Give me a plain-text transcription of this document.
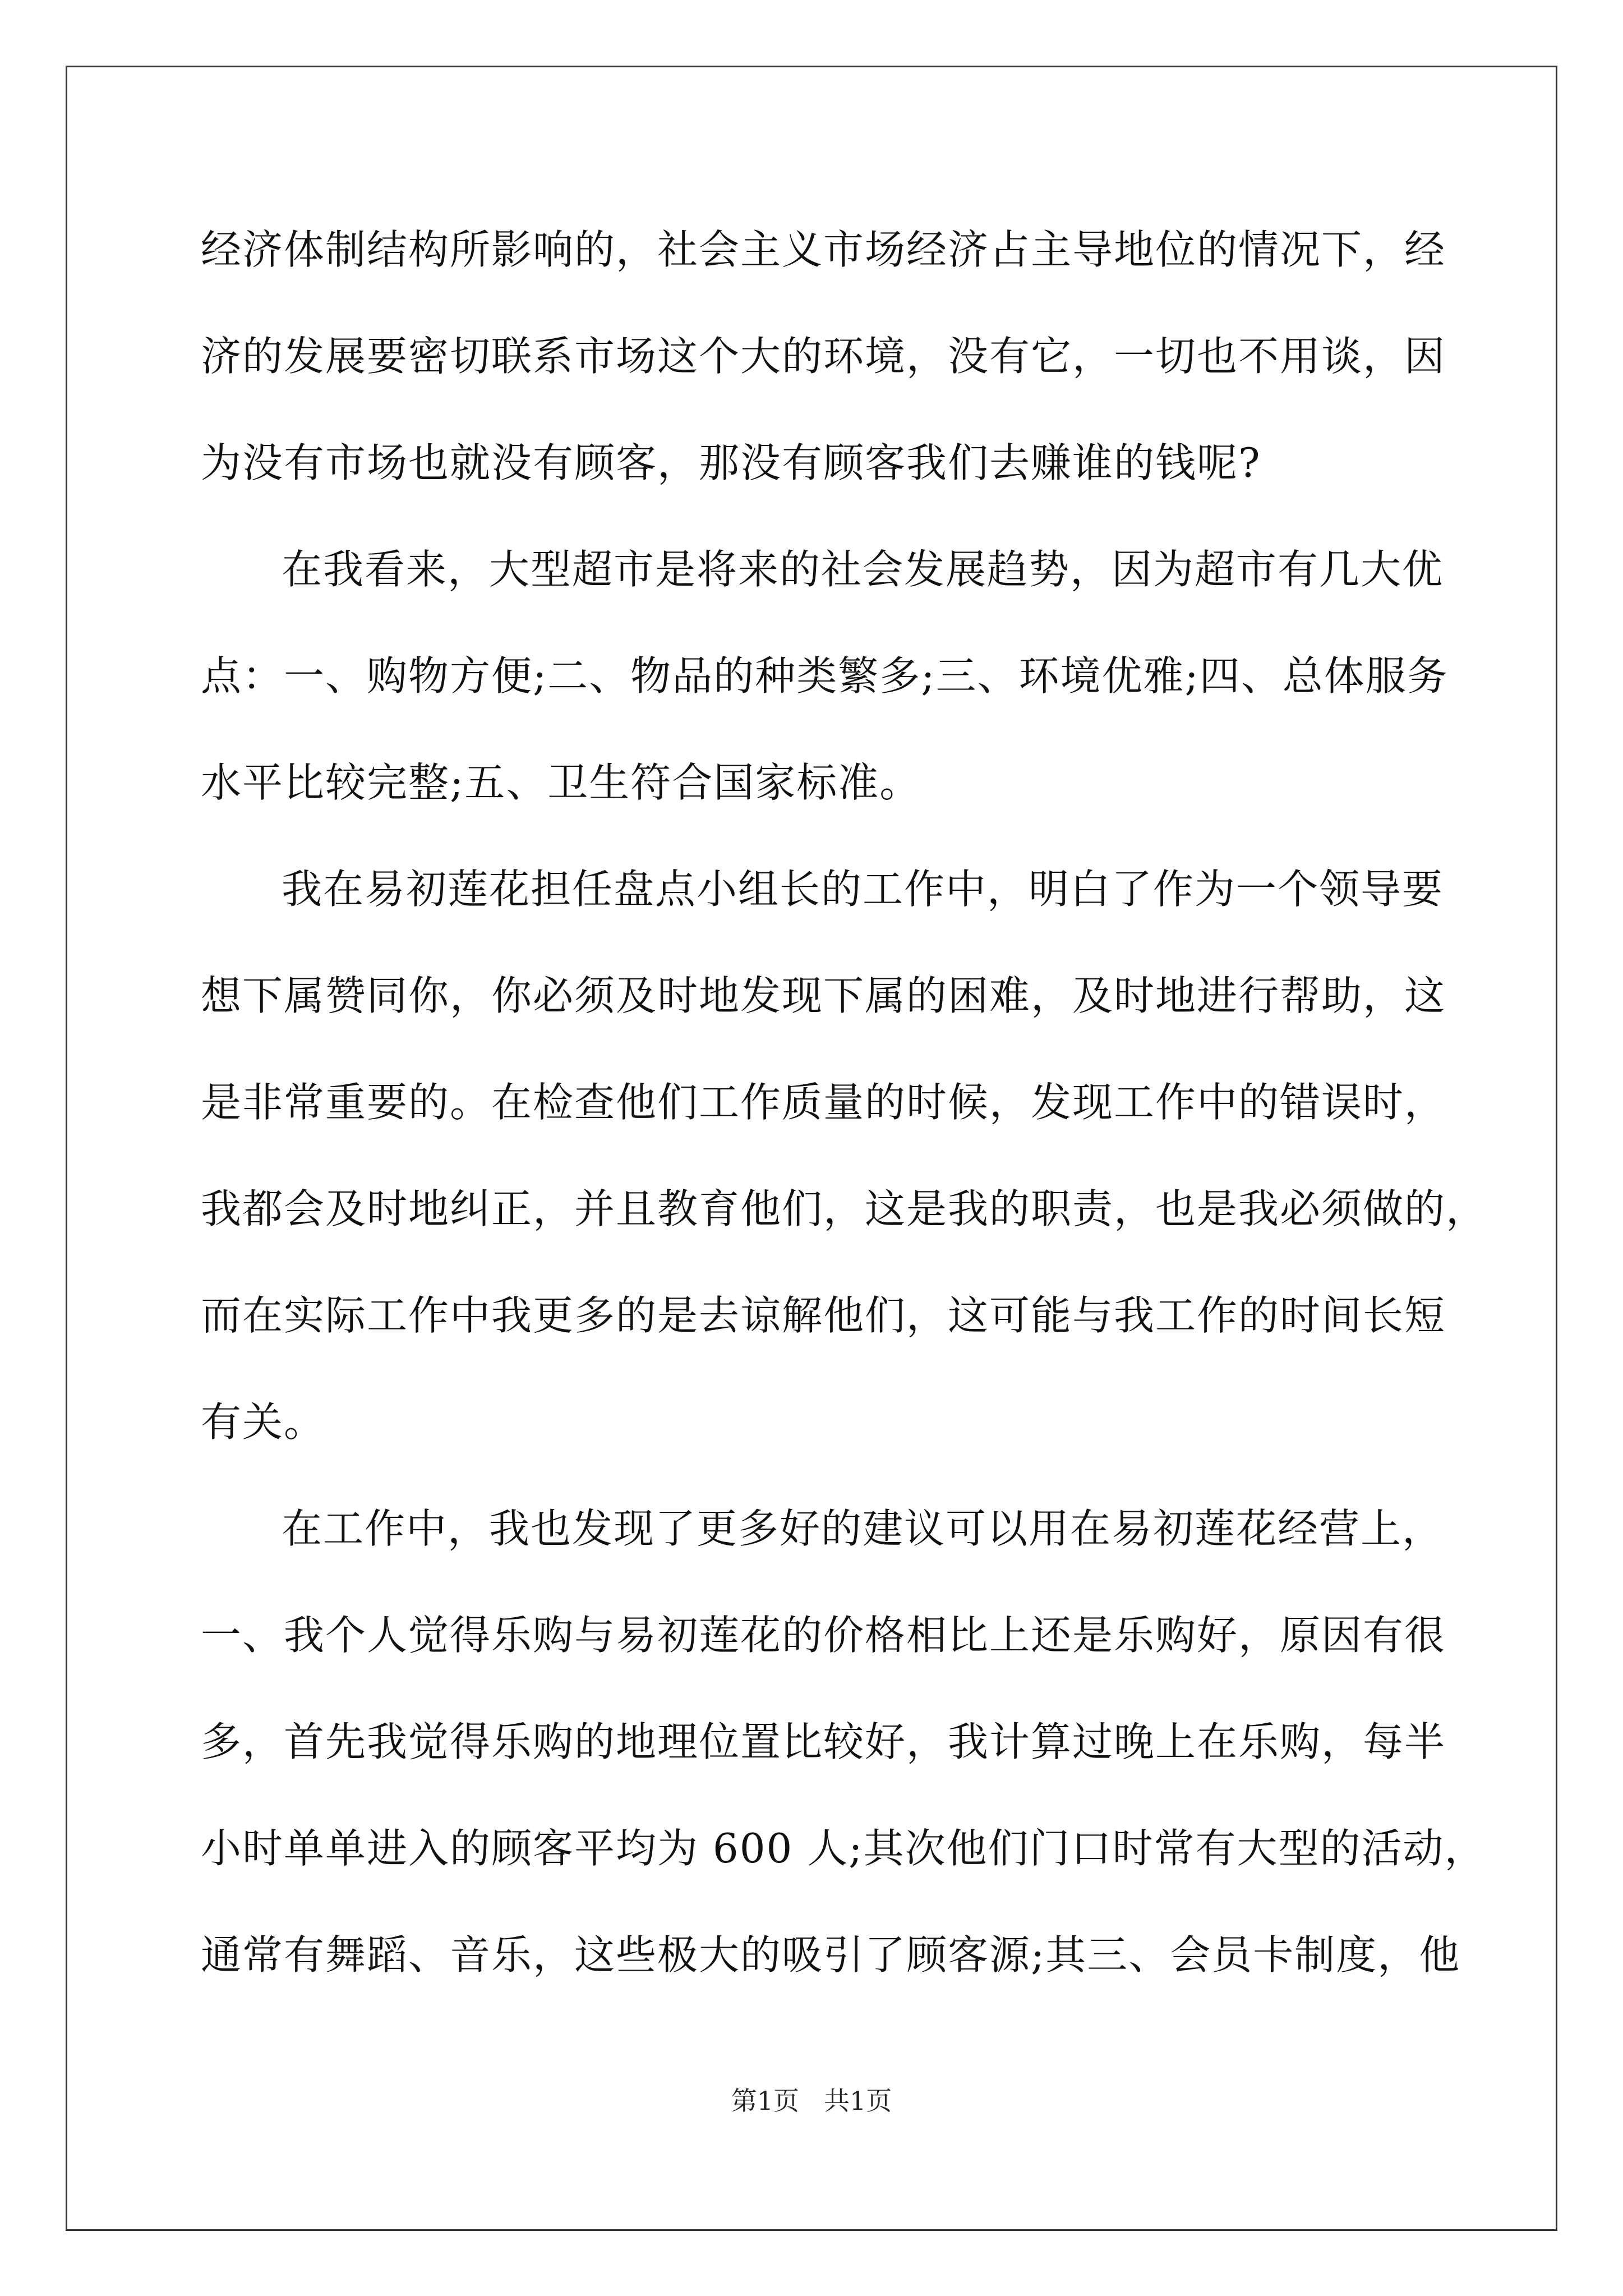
经济体制结构所影响的，社会主义市场经济占主导地位的情况下，经
济的发展要密切联系市场这个大的环境，没有它，一切也不用谈，因
为没有市场也就没有顾客，那没有顾客我们去赚谁的钱呢?
在我看来，大型超市是将来的社会发展趋势，因为超市有几大优
点：一、购物方便;二、物品的种类繁多;三、环境优雅;四、总体服务
水平比较完整;五、卫生符合国家标准。
我在易初莲花担任盘点小组长的工作中，明白了作为一个领导要
想下属赞同你，你必须及时地发现下属的困难，及时地进行帮助，这
是非常重要的。在检查他们工作质量的时候，发现工作中的错误时，
我都会及时地纠正，并且教育他们，这是我的职责，也是我必须做的，
而在实际工作中我更多的是去谅解他们，这可能与我工作的时间长短
有关。
在工作中，我也发现了更多好的建议可以用在易初莲花经营上，
一、我个人觉得乐购与易初莲花的价格相比上还是乐购好，原因有很
多，首先我觉得乐购的地理位置比较好，我计算过晚上在乐购，每半
小时单单进入的顾客平均为 600 人;其次他们门口时常有大型的活动，
通常有舞蹈、音乐，这些极大的吸引了顾客源;其三、会员卡制度，他
第1页 共1页
